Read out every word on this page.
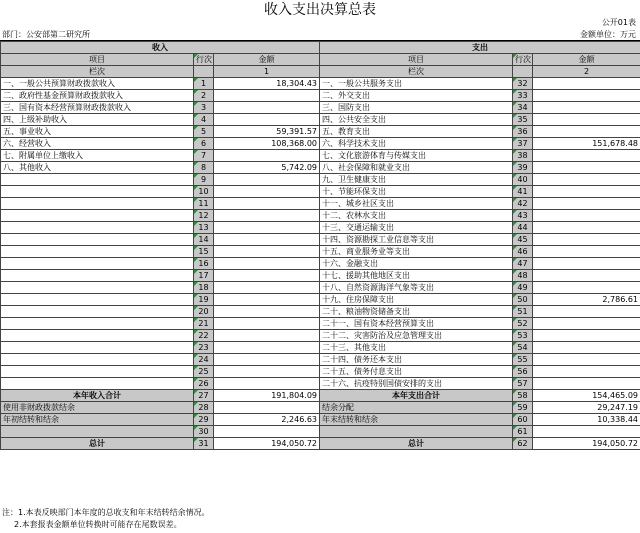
收入支出决算总表
公开01表
部门：公安部第二研究所	金额单位：万元
收入			支出		
项目	行次	金额	项目	行次	金额
栏次		1	栏次		2
一、一般公共预算财政拨款收入	1	18,304.43	一、一般公共服务支出	32	
二、政府性基金预算财政拨款收入	2		二、外交支出	33	
三、国有资本经营预算财政拨款收入	3		三、国防支出	34	
四、上级补助收入	4		四、公共安全支出	35	
五、事业收入	5	59,391.57	五、教育支出	36	
六、经营收入	6	108,368.00	六、科学技术支出	37	151,678.48
七、附属单位上缴收入	7		七、文化旅游体育与传媒支出	38	
八、其他收入	8	5,742.09	八、社会保障和就业支出	39	

9		九、卫生健康支出	40	

10		十、节能环保支出	41	

11		十一、城乡社区支出	42	

12		十二、农林水支出	43	

13		十三、交通运输支出	44	

14		十四、资源勘探工业信息等支出	45	

15		十五、商业服务业等支出	46	

16		十六、金融支出	47	

17		十七、援助其他地区支出	48	

18		十八、自然资源海洋气象等支出	49	

19		十九、住房保障支出	50	2,786.61

20		二十、粮油物资储备支出	51	

21		二十一、国有资本经营预算支出	52	

22		二十二、灾害防治及应急管理支出	53	

23		二十三、其他支出	54	

24		二十四、债务还本支出	55	

25		二十五、债务付息支出	56	

26		二十六、抗疫特别国债安排的支出	57	
本年收入合计	27	191,804.09	本年支出合计	58	154,465.09
使用非财政拨款结余	28		结余分配	59	29,247.19
年初结转和结余	29	2,246.63	年末结转和结余	60	10,338.44

30			61	
总计	31	194,050.72	总计	62	194,050.72
注：1.本表反映部门本年度的总收支和年末结转结余情况。
2.本套报表金额单位转换时可能存在尾数误差。
